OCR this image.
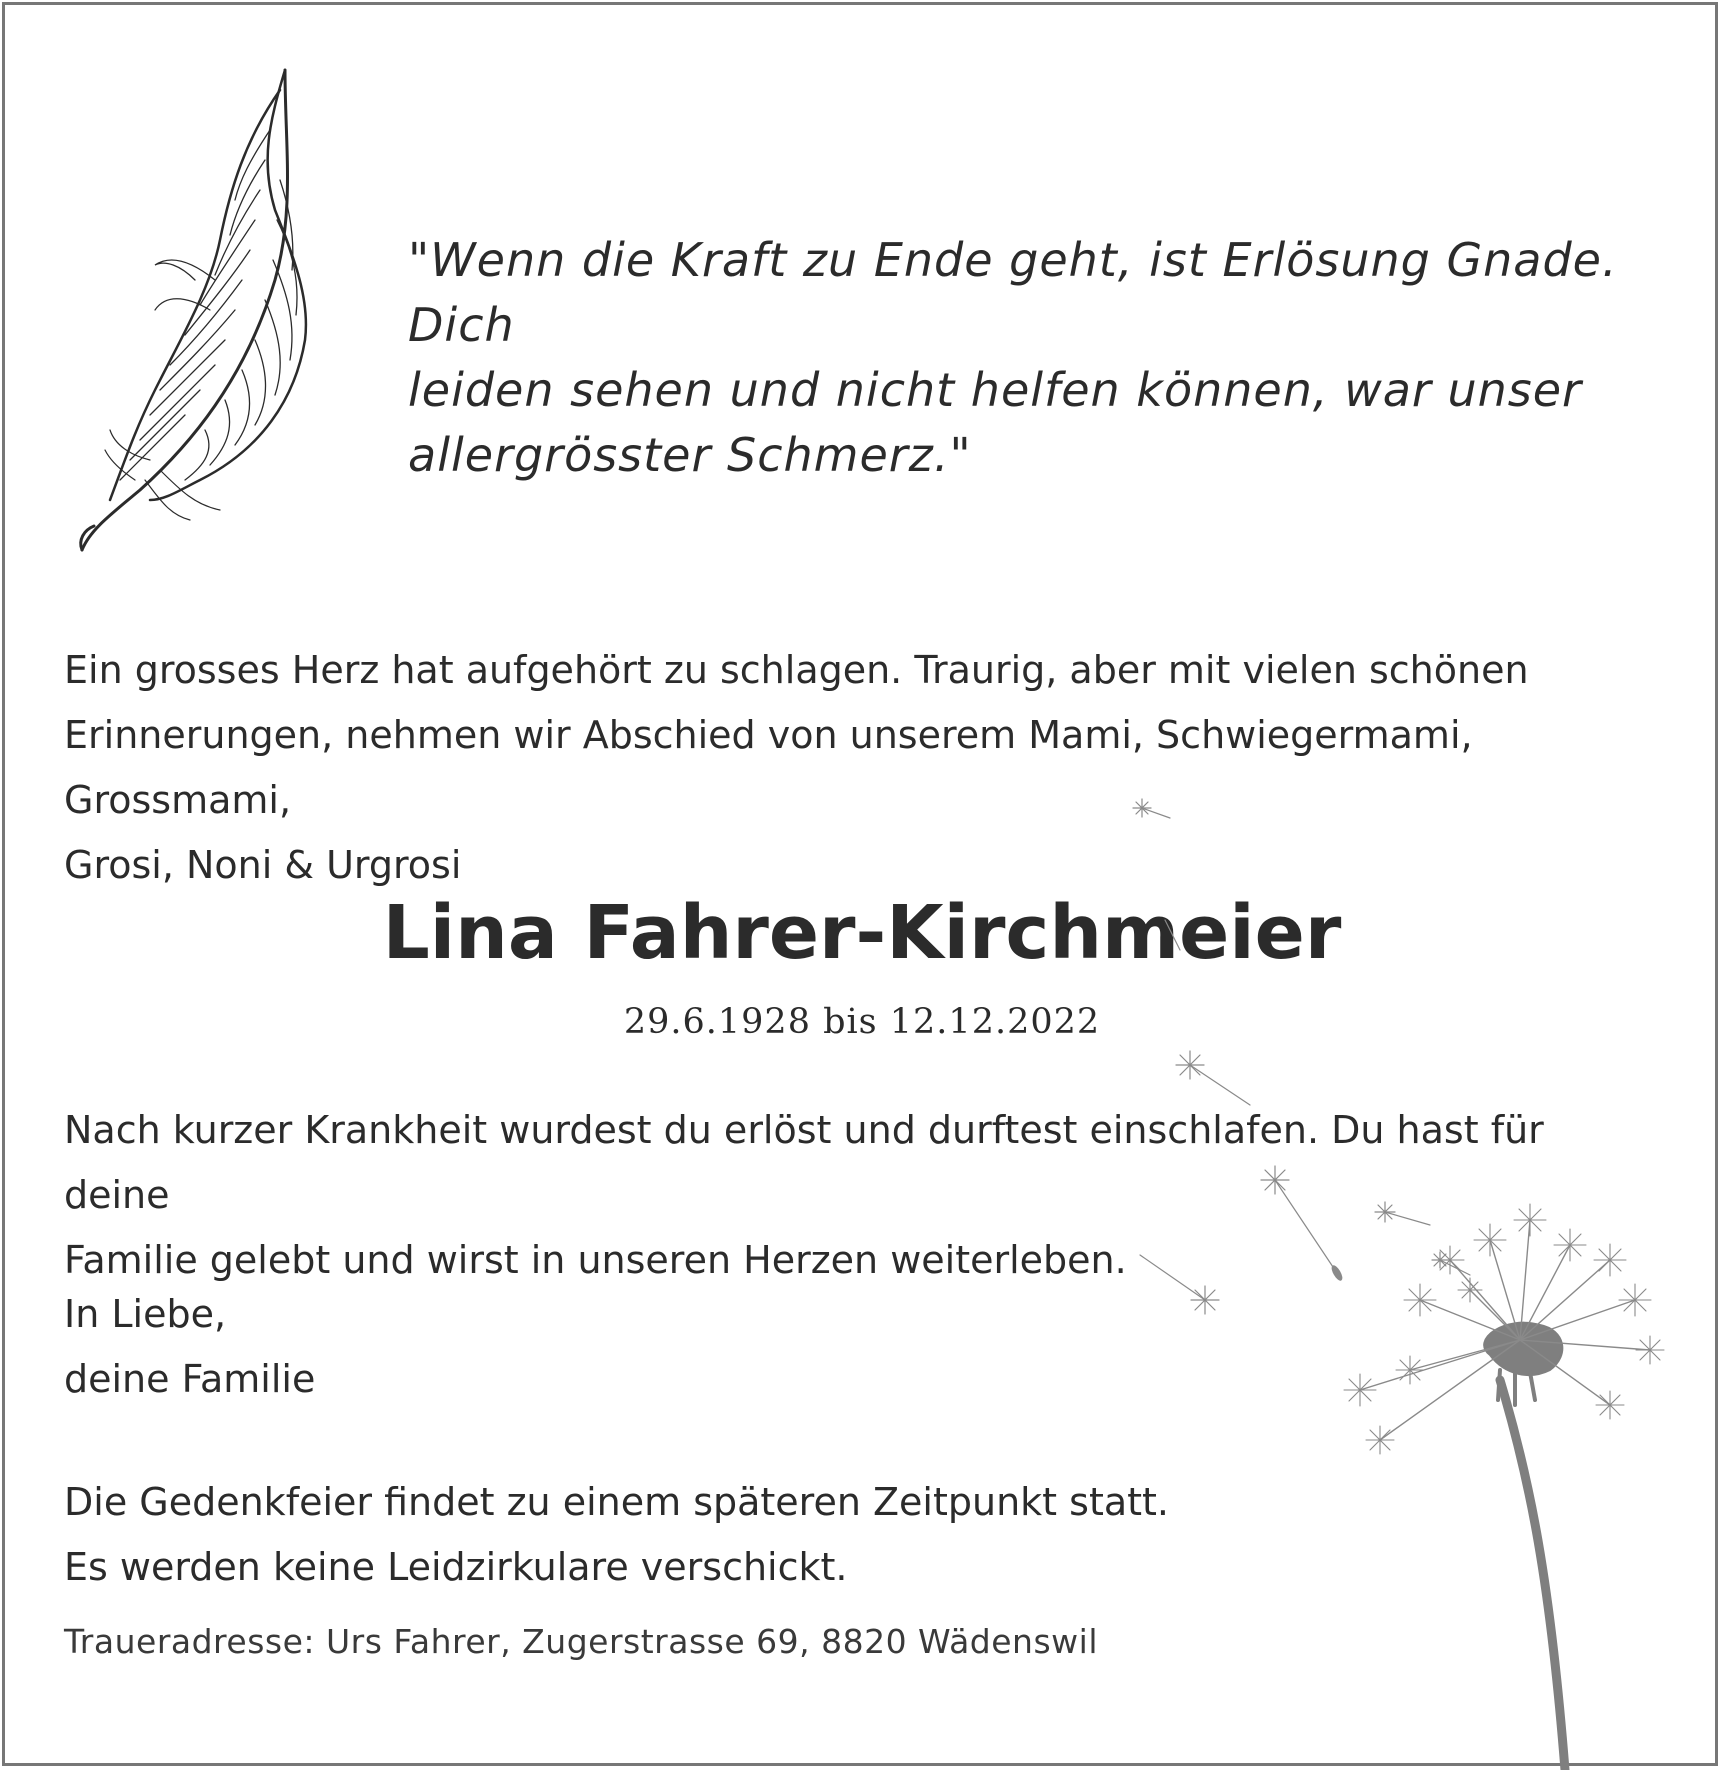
"Wenn die Kraft zu Ende geht, ist Erlösung Gnade. Dich
leiden sehen und nicht helfen können, war unser
allergrösster Schmerz."

Ein grosses Herz hat aufgehört zu schlagen. Traurig, aber mit vielen schönen
Erinnerungen, nehmen wir Abschied von unserem Mami, Schwiegermami, Grossmami,
Grosi, Noni & Urgrosi

Lina Fahrer-Kirchmeier

29.6.1928 bis 12.12.2022

Nach kurzer Krankheit wurdest du erlöst und durftest einschlafen. Du hast für deine
Familie gelebt und wirst in unseren Herzen weiterleben.

In Liebe,
deine Familie

Die Gedenkfeier findet zu einem späteren Zeitpunkt statt.
Es werden keine Leidzirkulare verschickt.

Traueradresse: Urs Fahrer, Zugerstrasse 69, 8820 Wädenswil
